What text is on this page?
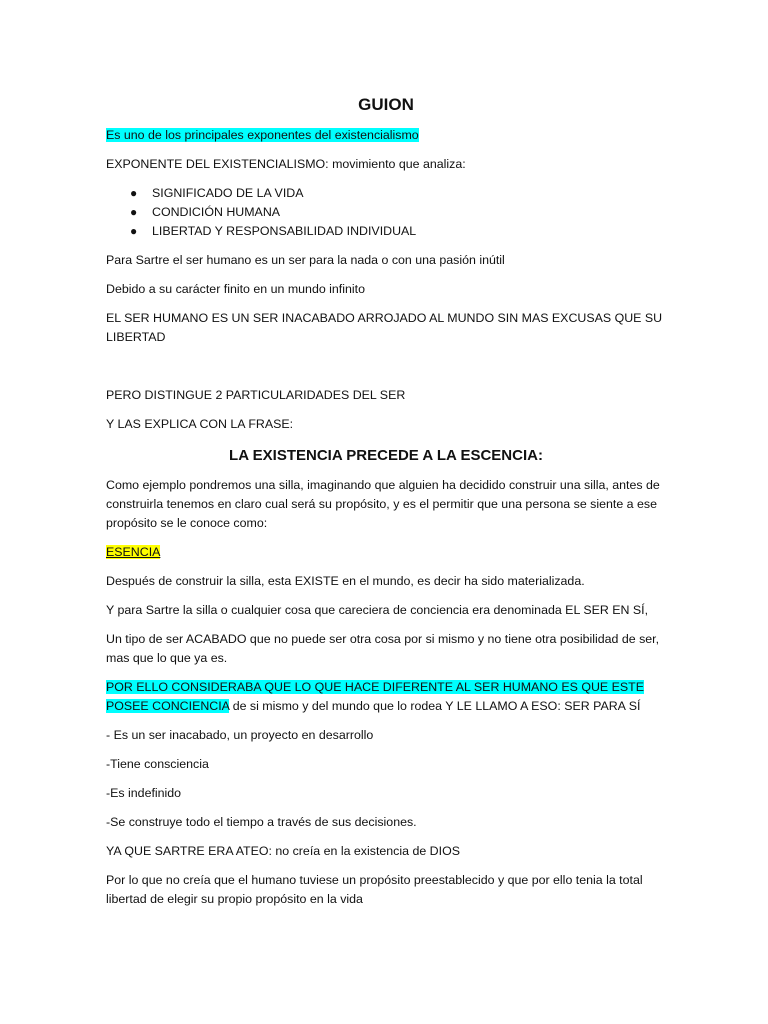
GUION

Es uno de los principales exponentes del existencialismo

EXPONENTE DEL EXISTENCIALISMO: movimiento que analiza:

● SIGNIFICADO DE LA VIDA
● CONDICIÓN HUMANA
● LIBERTAD Y RESPONSABILIDAD INDIVIDUAL

Para Sartre el ser humano es un ser para la nada o con una pasión inútil

Debido a su carácter finito en un mundo infinito

EL SER HUMANO ES UN SER INACABADO ARROJADO AL MUNDO SIN MAS EXCUSAS QUE SU LIBERTAD

PERO DISTINGUE 2 PARTICULARIDADES DEL SER

Y LAS EXPLICA CON LA FRASE:

LA EXISTENCIA PRECEDE A LA ESCENCIA:

Como ejemplo pondremos una silla, imaginando que alguien ha decidido construir una silla, antes de construirla tenemos en claro cual será su propósito, y es el permitir que una persona se siente a ese propósito se le conoce como:

ESENCIA

Después de construir la silla, esta EXISTE en el mundo, es decir ha sido materializada.

Y para Sartre la silla o cualquier cosa que careciera de conciencia era denominada EL SER EN SÍ,

Un tipo de ser ACABADO que no puede ser otra cosa por si mismo y no tiene otra posibilidad de ser, mas que lo que ya es.

POR ELLO CONSIDERABA QUE LO QUE HACE DIFERENTE AL SER HUMANO ES QUE ESTE POSEE CONCIENCIA de si mismo y del mundo que lo rodea Y LE LLAMO A ESO: SER PARA SÍ

- Es un ser inacabado, un proyecto en desarrollo

-Tiene consciencia

-Es indefinido

-Se construye todo el tiempo a través de sus decisiones.

YA QUE SARTRE ERA ATEO: no creía en la existencia de DIOS

Por lo que no creía que el humano tuviese un propósito preestablecido y que por ello tenia la total libertad de elegir su propio propósito en la vida
